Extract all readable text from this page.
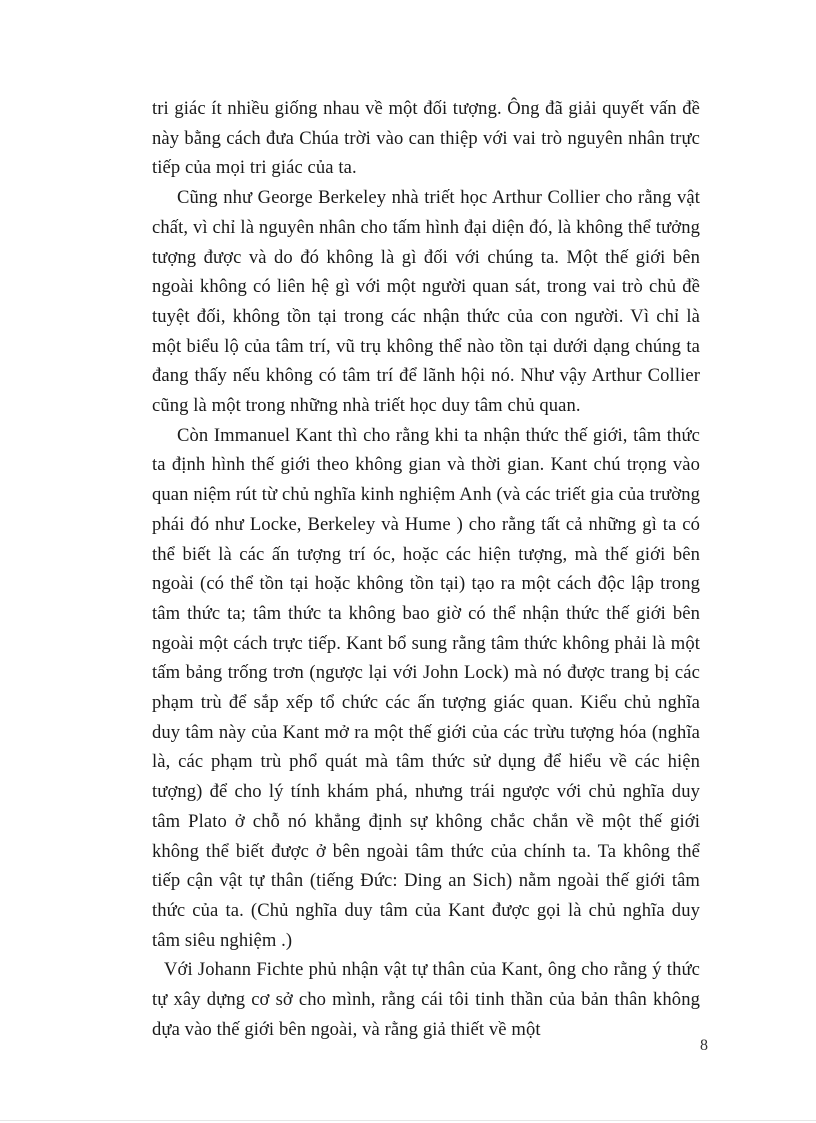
tri giác ít nhiều giống nhau về một đối tượng. Ông đã giải quyết vấn đề này bằng cách đưa Chúa trời vào can thiệp với vai trò nguyên nhân trực tiếp của mọi tri giác của ta.

Cũng như George Berkeley nhà triết học Arthur Collier cho rằng vật chất, vì chỉ là nguyên nhân cho tấm hình đại diện đó, là không thể tưởng tượng được và do đó không là gì đối với chúng ta. Một thế giới bên ngoài không có liên hệ gì với một người quan sát, trong vai trò chủ đề tuyệt đối, không tồn tại trong các nhận thức của con người. Vì chỉ là một biểu lộ của tâm trí, vũ trụ không thể nào tồn tại dưới dạng chúng ta đang thấy nếu không có tâm trí để lãnh hội nó. Như vậy Arthur Collier cũng là một trong những nhà triết học duy tâm chủ quan.

Còn Immanuel Kant thì cho rằng khi ta nhận thức thế giới, tâm thức ta định hình thế giới theo không gian và thời gian. Kant chú trọng vào quan niệm rút từ chủ nghĩa kinh nghiệm Anh (và các triết gia của trường phái đó như Locke, Berkeley và Hume ) cho rằng tất cả những gì ta có thể biết là các ấn tượng trí óc, hoặc các hiện tượng, mà thế giới bên ngoài (có thể tồn tại hoặc không tồn tại) tạo ra một cách độc lập trong tâm thức ta; tâm thức ta không bao giờ có thể nhận thức thế giới bên ngoài một cách trực tiếp. Kant bổ sung rằng tâm thức không phải là một tấm bảng trống trơn (ngược lại với John Lock) mà nó được trang bị các phạm trù để sắp xếp tổ chức các ấn tượng giác quan. Kiểu chủ nghĩa duy tâm này của Kant mở ra một thế giới của các trừu tượng hóa (nghĩa là, các phạm trù phổ quát mà tâm thức sử dụng để hiểu về các hiện tượng) để cho lý tính khám phá, nhưng trái ngược với chủ nghĩa duy tâm Plato ở chỗ nó khẳng định sự không chắc chắn về một thế giới không thể biết được ở bên ngoài tâm thức của chính ta. Ta không thể tiếp cận vật tự thân (tiếng Đức: Ding an Sich) nằm ngoài thế giới tâm thức của ta. (Chủ nghĩa duy tâm của Kant được gọi là chủ nghĩa duy tâm siêu nghiệm .)

Với Johann Fichte phủ nhận vật tự thân của Kant, ông cho rằng ý thức tự xây dựng cơ sở cho mình, rằng cái tôi tinh thần của bản thân không dựa vào thế giới bên ngoài, và rằng giả thiết về một

8
